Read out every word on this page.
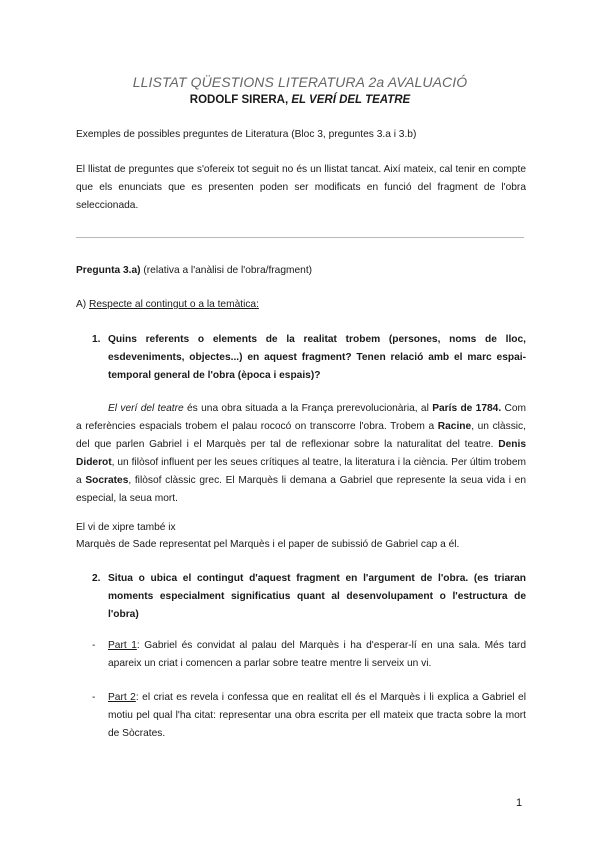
LLISTAT QÜESTIONS LITERATURA 2a AVALUACIÓ
RODOLF SIRERA, EL VERÍ DEL TEATRE
Exemples de possibles preguntes de Literatura (Bloc 3, preguntes 3.a i 3.b)
El llistat de preguntes que s'ofereix tot seguit no és un llistat tancat. Així mateix, cal tenir en compte que els enunciats que es presenten poden ser modificats en funció del fragment de l'obra seleccionada.
Pregunta 3.a) (relativa a l'anàlisi de l'obra/fragment)
A) Respecte al contingut o a la temàtica:
1. Quins referents o elements de la realitat trobem (persones, noms de lloc, esdeveniments, objectes...) en aquest fragment? Tenen relació amb el marc espai-temporal general de l'obra (època i espais)?
El verí del teatre és una obra situada a la França prerevolucionària, al París de 1784. Com a referències espacials trobem el palau rococó on transcorre l'obra. Trobem a Racine, un clàssic, del que parlen Gabriel i el Marquès per tal de reflexionar sobre la naturalitat del teatre. Denis Diderot, un filòsof influent per les seues crítiques al teatre, la literatura i la ciència. Per últim trobem a Socrates, filòsof clàssic grec. El Marquès li demana a Gabriel que represente la seua vida i en especial, la seua mort.
El vi de xipre també ix
Marquès de Sade representat pel Marquès i el paper de subissió de Gabriel cap a él.
2. Situa o ubica el contingut d'aquest fragment en l'argument de l'obra. (es triaran moments especialment significatius quant al desenvolupament o l'estructura de l'obra)
- Part 1: Gabriel és convidat al palau del Marquès i ha d'esperar-lí en una sala. Més tard apareix un criat i comencen a parlar sobre teatre mentre li serveix un vi.
- Part 2: el criat es revela i confessa que en realitat ell és el Marquès i li explica a Gabriel el motiu pel qual l'ha citat: representar una obra escrita per ell mateix que tracta sobre la mort de Sòcrates.
1
